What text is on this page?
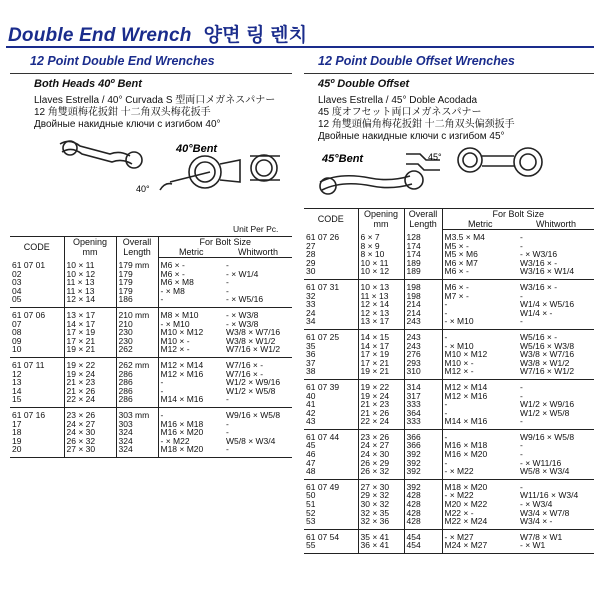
Double End Wrench 양면 링 렌치
12 Point Double End Wrenches
Both Heads 40º Bent
Llaves Estrella / 40° Curvada S 型両口メガネスパナー
12 角雙頭梅花扳鉗 十二角双头梅花扳手
Двойные накидные ключи с изгибом 40°
40°Bent
40°
Unit Per Pc.
CODE	Opening
mm	Overall
Length	For Bolt Size	
			Metric	Whitworth
61 07 01	10 × 11	179 mm	M6 × -	-
02	10 × 12	179	M6 × -	- × W1/4
03	11 × 13	179	M6 × M8	-
04	11 × 13	179	- × M8	-
05	12 × 14	186	-	- × W5/16
61 07 06	13 × 17	210 mm	M8 × M10	- × W3/8
07	14 × 17	210	- × M10	- × W3/8
08	17 × 19	230	M10 × M12	W3/8 × W7/16
09	17 × 21	230	M10 × -	W3/8 × W1/2
10	19 × 21	262	M12 × -	W7/16 × W1/2
61 07 11	19 × 22	262 mm	M12 × M14	W7/16 × -
12	19 × 24	286	M12 × M16	W7/16 × -
13	21 × 23	286	-	W1/2 × W9/16
14	21 × 26	286	-	W1/2 × W5/8
15	22 × 24	286	M14 × M16	-
61 07 16	23 × 26	303 mm	-	W9/16 × W5/8
17	24 × 27	303	M16 × M18	-
18	24 × 30	324	M16 × M20	-
19	26 × 32	324	- × M22	W5/8 × W3/4
20	27 × 30	324	M18 × M20	-
12 Point Double Offset Wrenches
45º Double Offset
Llaves Estrella / 45° Doble Acodada
45 度オフセット両口メガネスパナー
12 角雙頭偏角梅花扳鉗 十二角双头偏颈扳手
Двойные накидные ключи с изгибом 45°
45°Bent	45°
CODE	Opening
mm	Overall
Length	For Bolt Size	
			Metric	Whitworth
61 07 26	6 × 7	128	M3.5 × M4	-
27	8 × 9	174	M5 × -	-
28	8 × 10	174	M5 × M6	- × W3/16
29	10 × 11	189	M6 × M7	W3/16 × -
30	10 × 12	189	M6 × -	W3/16 × W1/4
61 07 31	10 × 13	198	M6 × -	W3/16 × -
32	11 × 13	198	M7 × -	-
33	12 × 14	214	-	W1/4 × W5/16
24	12 × 13	214	-	W1/4 × -
34	13 × 17	243	- × M10	-
61 07 25	14 × 15	243	-	W5/16 × -
35	14 × 17	243	- × M10	W5/16 × W3/8
36	17 × 19	276	M10 × M12	W3/8 × W7/16
37	17 × 21	293	M10 × -	W3/8 × W1/2
38	19 × 21	310	M12 × -	W7/16 × W1/2
61 07 39	19 × 22	314	M12 × M14	-
40	19 × 24	317	M12 × M16	-
41	21 × 23	333	-	W1/2 × W9/16
42	21 × 26	364	-	W1/2 × W5/8
43	22 × 24	333	M14 × M16	-
61 07 44	23 × 26	366	-	W9/16 × W5/8
45	24 × 27	366	M16 × M18	-
46	24 × 30	392	M16 × M20	-
47	26 × 29	392	-	- × W11/16
48	26 × 32	392	- × M22	W5/8 × W3/4
61 07 49	27 × 30	392	M18 × M20	-
50	29 × 32	428	- × M22	W11/16 × W3/4
51	30 × 32	428	M20 × M22	- × W3/4
52	32 × 35	428	M22 × -	W3/4 × W7/8
53	32 × 36	428	M22 × M24	W3/4 × -
61 07 54	35 × 41	454	- × M27	W7/8 × W1
55	36 × 41	454	M24 × M27	- × W1
